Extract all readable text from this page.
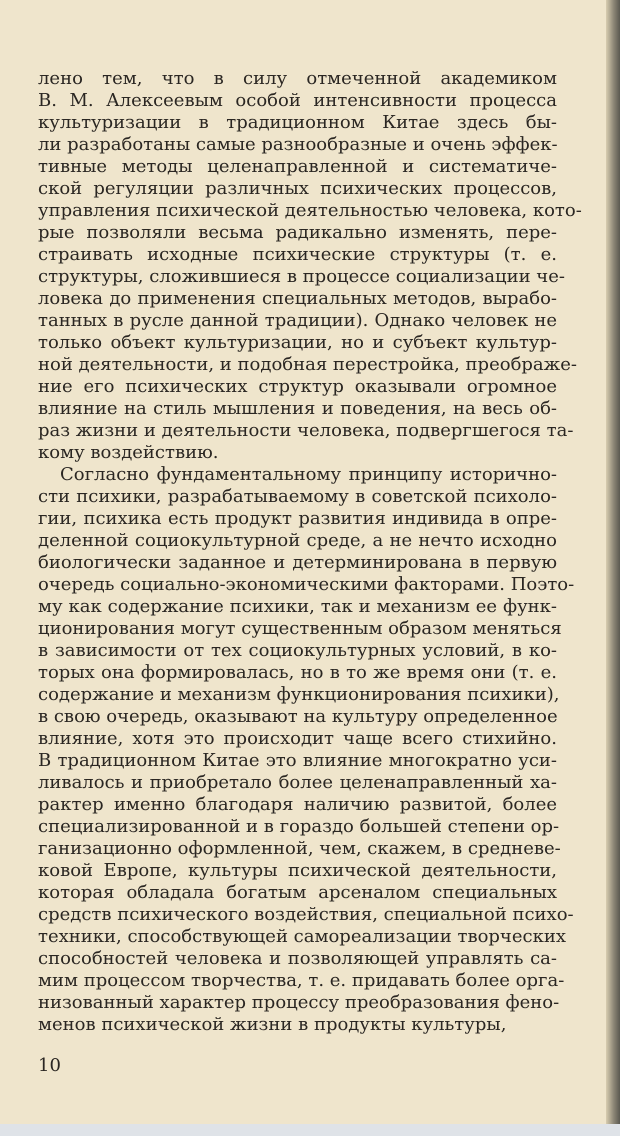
лено тем, что в силу отмеченной академиком
В. М. Алексеевым особой интенсивности процесса
культуризации в традиционном Китае здесь бы-
ли разработаны самые разнообразные и очень эффек-
тивные методы целенаправленной и систематиче-
ской регуляции различных психических процессов,
управления психической деятельностью человека, кото-
рые позволяли весьма радикально изменять, пере-
страивать исходные психические структуры (т. е.
структуры, сложившиеся в процессе социализации че-
ловека до применения специальных методов, вырабо-
танных в русле данной традиции). Однако человек не
только объект культуризации, но и субъект культур-
ной деятельности, и подобная перестройка, преображе-
ние его психических структур оказывали огромное
влияние на стиль мышления и поведения, на весь об-
раз жизни и деятельности человека, подвергшегося та-
кому воздействию.
Согласно фундаментальному принципу исторично-
сти психики, разрабатываемому в советской психоло-
гии, психика есть продукт развития индивида в опре-
деленной социокультурной среде, а не нечто исходно
биологически заданное и детерминирована в первую
очередь социально-экономическими факторами. Поэто-
му как содержание психики, так и механизм ее функ-
ционирования могут существенным образом меняться
в зависимости от тех социокультурных условий, в ко-
торых она формировалась, но в то же время они (т. е.
содержание и механизм функционирования психики),
в свою очередь, оказывают на культуру определенное
влияние, хотя это происходит чаще всего стихийно.
В традиционном Китае это влияние многократно уси-
ливалось и приобретало более целенаправленный ха-
рактер именно благодаря наличию развитой, более
специализированной и в гораздо большей степени ор-
ганизационно оформленной, чем, скажем, в средневе-
ковой Европе, культуры психической деятельности,
которая обладала богатым арсеналом специальных
средств психического воздействия, специальной психо-
техники, способствующей самореализации творческих
способностей человека и позволяющей управлять са-
мим процессом творчества, т. е. придавать более орга-
низованный характер процессу преобразования фено-
менов психической жизни в продукты культуры,
10
